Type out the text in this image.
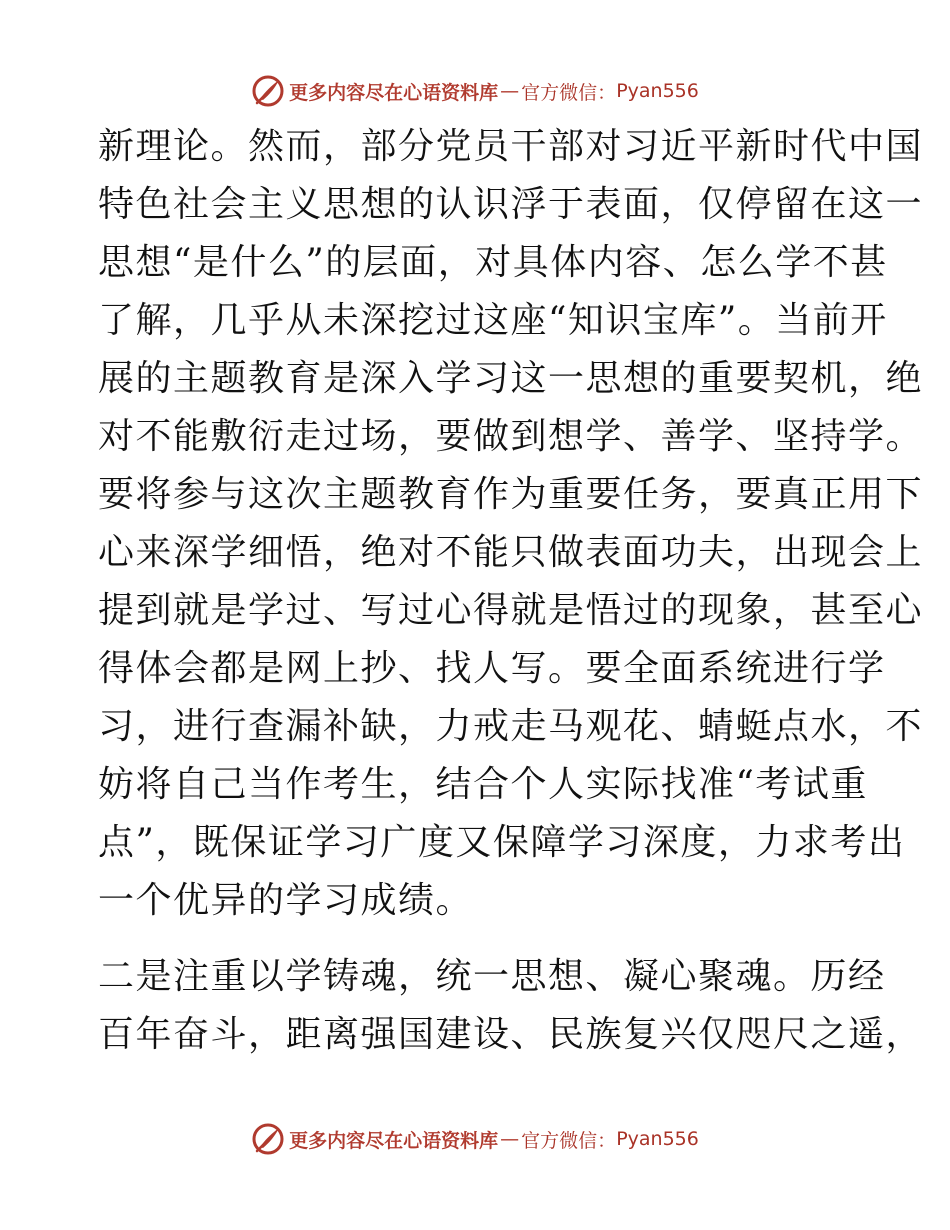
更多内容尽在心语资料库 — 官方微信： Pyan556
新理论。然而，部分党员干部对习近平新时代中国
特色社会主义思想的认识浮于表面，仅停留在这一
思想“是什么”的层面，对具体内容、怎么学不甚
了解，几乎从未深挖过这座“知识宝库”。当前开
展的主题教育是深入学习这一思想的重要契机，绝
对不能敷衍走过场，要做到想学、善学、坚持学。
要将参与这次主题教育作为重要任务，要真正用下
心来深学细悟，绝对不能只做表面功夫，出现会上
提到就是学过、写过心得就是悟过的现象，甚至心
得体会都是网上抄、找人写。要全面系统进行学
习，进行查漏补缺，力戒走马观花、蜻蜓点水，不
妨将自己当作考生，结合个人实际找准“考试重
点”，既保证学习广度又保障学习深度，力求考出
一个优异的学习成绩。
二是注重以学铸魂，统一思想、凝心聚魂。历经
百年奋斗，距离强国建设、民族复兴仅咫尺之遥，
更多内容尽在心语资料库 — 官方微信： Pyan556
